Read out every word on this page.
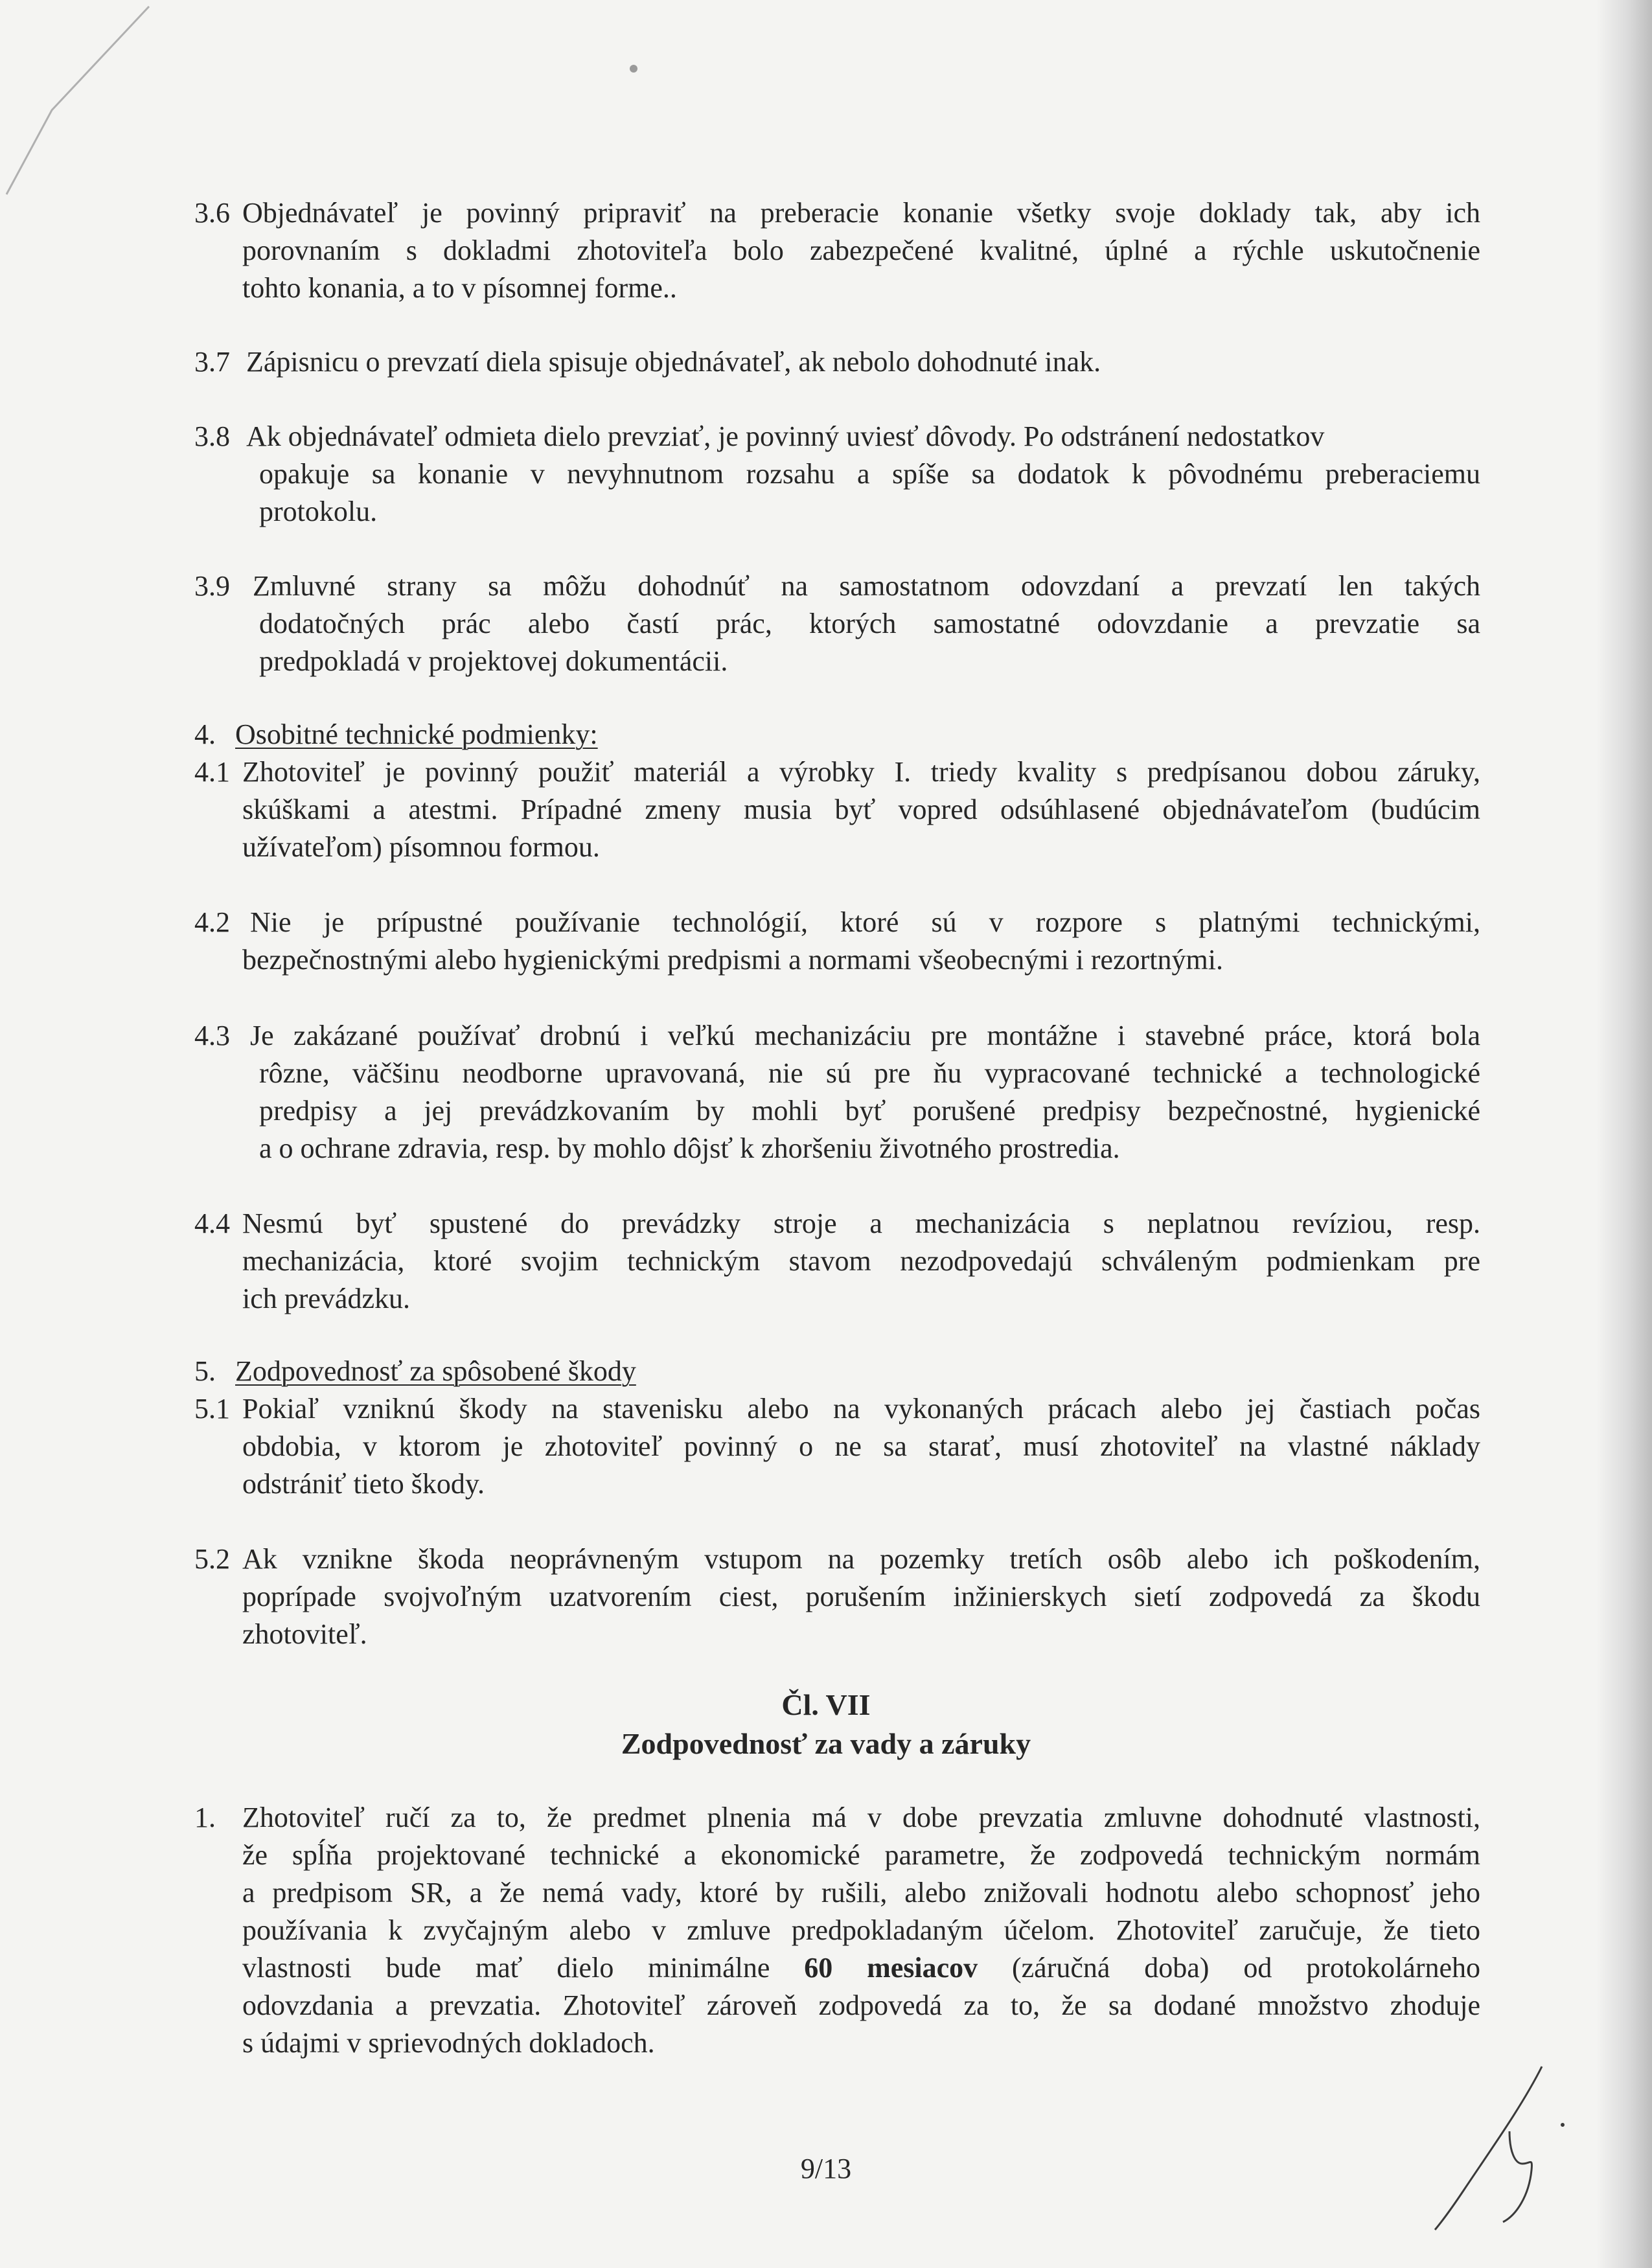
3.6 Objednávateľ je povinný pripraviť na preberacie konanie všetky svoje doklady tak, aby ich
porovnaním s dokladmi zhotoviteľa bolo zabezpečené kvalitné, úplné a rýchle uskutočnenie
tohto konania, a to v písomnej forme..
3.7 Zápisnicu o prevzatí diela spisuje objednávateľ, ak nebolo dohodnuté inak.
3.8 Ak objednávateľ odmieta dielo prevziať, je povinný uviesť dôvody. Po odstránení nedostatkov
opakuje sa konanie v nevyhnutnom rozsahu a spíše sa dodatok k pôvodnému preberaciemu
protokolu.
3.9 Zmluvné strany sa môžu dohodnúť na samostatnom odovzdaní a prevzatí len takých
dodatočných prác alebo častí prác, ktorých samostatné odovzdanie a prevzatie sa
predpokladá v projektovej dokumentácii.
4. Osobitné technické podmienky:
4.1 Zhotoviteľ je povinný použiť materiál a výrobky I. triedy kvality s predpísanou dobou záruky,
skúškami a atestmi. Prípadné zmeny musia byť vopred odsúhlasené objednávateľom (budúcim
užívateľom) písomnou formou.
4.2 Nie je prípustné používanie technológií, ktoré sú v rozpore s platnými technickými,
bezpečnostnými alebo hygienickými predpismi a normami všeobecnými i rezortnými.
4.3 Je zakázané používať drobnú i veľkú mechanizáciu pre montážne i stavebné práce, ktorá bola
rôzne, väčšinu neodborne upravovaná, nie sú pre ňu vypracované technické a technologické
predpisy a jej prevádzkovaním by mohli byť porušené predpisy bezpečnostné, hygienické
a o ochrane zdravia, resp. by mohlo dôjsť k zhoršeniu životného prostredia.
4.4 Nesmú byť spustené do prevádzky stroje a mechanizácia s neplatnou revíziou, resp.
mechanizácia, ktoré svojim technickým stavom nezodpovedajú schváleným podmienkam pre
ich prevádzku.
5. Zodpovednosť za spôsobené škody
5.1 Pokiaľ vzniknú škody na stavenisku alebo na vykonaných prácach alebo jej častiach počas
obdobia, v ktorom je zhotoviteľ povinný o ne sa starať, musí zhotoviteľ na vlastné náklady
odstrániť tieto škody.
5.2 Ak vznikne škoda neoprávneným vstupom na pozemky tretích osôb alebo ich poškodením,
poprípade svojvoľným uzatvorením ciest, porušením inžinierskych sietí zodpovedá za škodu
zhotoviteľ.
Čl. VII
Zodpovednosť za vady a záruky
1. Zhotoviteľ ručí za to, že predmet plnenia má v dobe prevzatia zmluvne dohodnuté vlastnosti,
že spĺňa projektované technické a ekonomické parametre, že zodpovedá technickým normám
a predpisom SR, a že nemá vady, ktoré by rušili, alebo znižovali hodnotu alebo schopnosť jeho
používania k zvyčajným alebo v zmluve predpokladaným účelom. Zhotoviteľ zaručuje, že tieto
vlastnosti bude mať dielo minimálne 60 mesiacov (záručná doba) od protokolárneho
odovzdania a prevzatia. Zhotoviteľ zároveň zodpovedá za to, že sa dodané množstvo zhoduje
s údajmi v sprievodných dokladoch.
9/13
